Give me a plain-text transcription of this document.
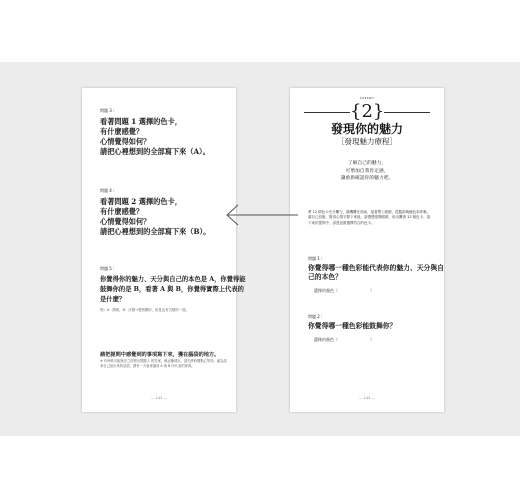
問題 3 :
看著問題 1 選擇的色卡，
有什麼感覺？
心情覺得如何？
請把心裡想到的全部寫下來（A）。
問題 4 :
看著問題 2 選擇的色卡，
有什麼感覺？
心情覺得如何？
請把心裡想到的全部寫下來（B）。
問題 5 :
你覺得你的魅力、天分與自己的本色是 A，你覺得能
鼓舞你的是 B，看著 A 與 B，你覺得實際上代表的
是什麼？
例）A：開朗，B：沉穩→愛熱鬧的，但是也有沉穩的一面。
請把提問中感覺到的事項寫下來，獲在腦袋的地方。
※ 有時候可能無法立即想出問題 1 的答案。像這種情況，請先將時間點心等待。滿為請拿自己說出來的話語，總有一天會意識到 A 與 B 所代表的意義。
— 143 —
Lesson
{2}
發現你的魅力
［發現魅力療程］
了解自己的魅力，
可增加自我肯定感，
讓重新確認你的魅力吧。
將 12 個色卡充分攤勻，隨機攤在面前，接著閉上眼睛，從腦那幾種色彩呼喚，讓自己放鬆，覺得心情平靜下來後，請慢慢張開眼睛，取出攤著 12 個色卡。接下來的提問中，請憑直覺選擇符合的色卡。
問題 1 :
你覺得哪一種色彩能代表你的魅力、天分與自
己的本色？
選擇的顏色（　　　　　　　　）
問題 2 :
你覺得哪一種色彩能鼓舞你？
選擇的顏色（　　　　　　　　）
— 144 —
